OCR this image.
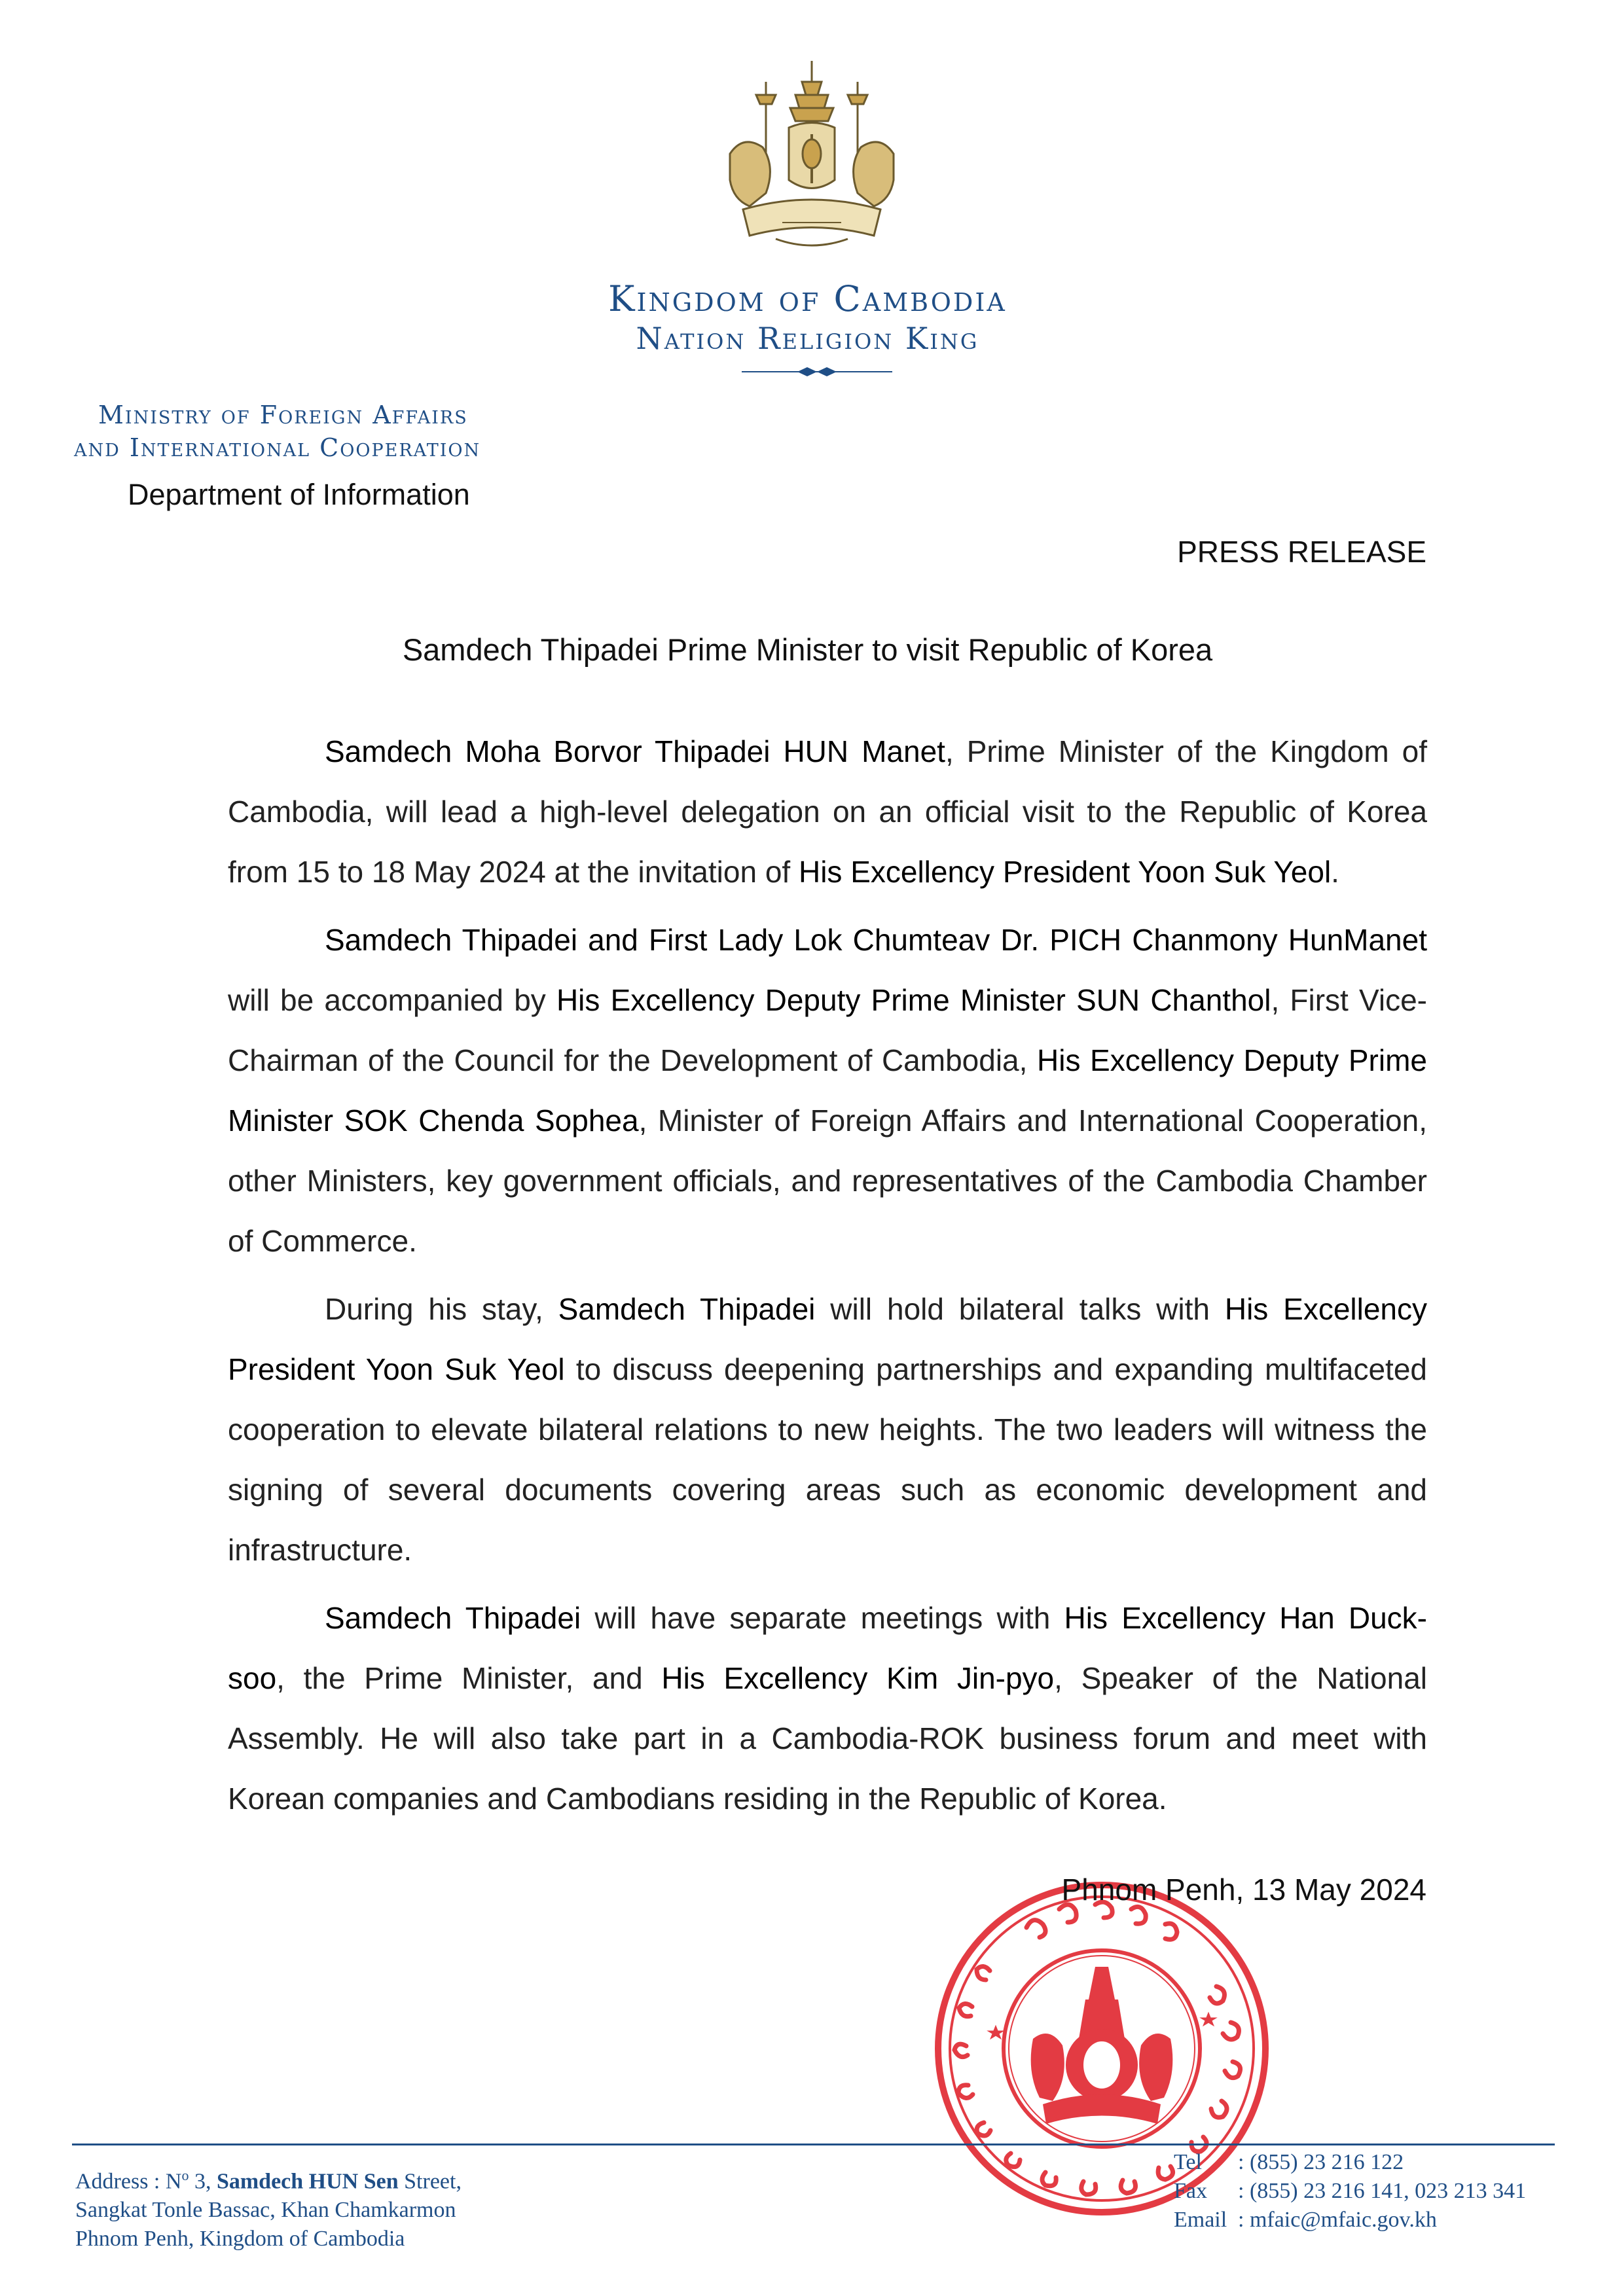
Kingdom of Cambodia
Nation Religion King
Ministry of Foreign Affairs
and International Cooperation
Department of Information
PRESS RELEASE
Samdech Thipadei Prime Minister to visit Republic of Korea

Samdech Moha Borvor Thipadei HUN Manet, Prime Minister of the Kingdom of Cambodia, will lead a high-level delegation on an official visit to the Republic of Korea from 15 to 18 May 2024 at the invitation of His Excellency President Yoon Suk Yeol.

Samdech Thipadei and First Lady Lok Chumteav Dr. PICH Chanmony HunManet will be accompanied by His Excellency Deputy Prime Minister SUN Chanthol, First Vice-Chairman of the Council for the Development of Cambodia, His Excellency Deputy Prime Minister SOK Chenda Sophea, Minister of Foreign Affairs and International Cooperation, other Ministers, key government officials, and representatives of the Cambodia Chamber of Commerce.

During his stay, Samdech Thipadei will hold bilateral talks with His Excellency President Yoon Suk Yeol to discuss deepening partnerships and expanding multifaceted cooperation to elevate bilateral relations to new heights. The two leaders will witness the signing of several documents covering areas such as economic development and infrastructure.

Samdech Thipadei will have separate meetings with His Excellency Han Duck-soo, the Prime Minister, and His Excellency Kim Jin-pyo, Speaker of the National Assembly. He will also take part in a Cambodia-ROK business forum and meet with Korean companies and Cambodians residing in the Republic of Korea.

Phnom Penh, 13 May 2024
Address : $N^o$ 3, Samdech HUN Sen Street,
Sangkat Tonle Bassac, Khan Chamkarmon
Phnom Penh, Kingdom of Cambodia
Tel	: (855) 23 216 122
Fax	: (855) 23 216 141, 023 213 341
Email : mfaic@mfaic.gov.kh
